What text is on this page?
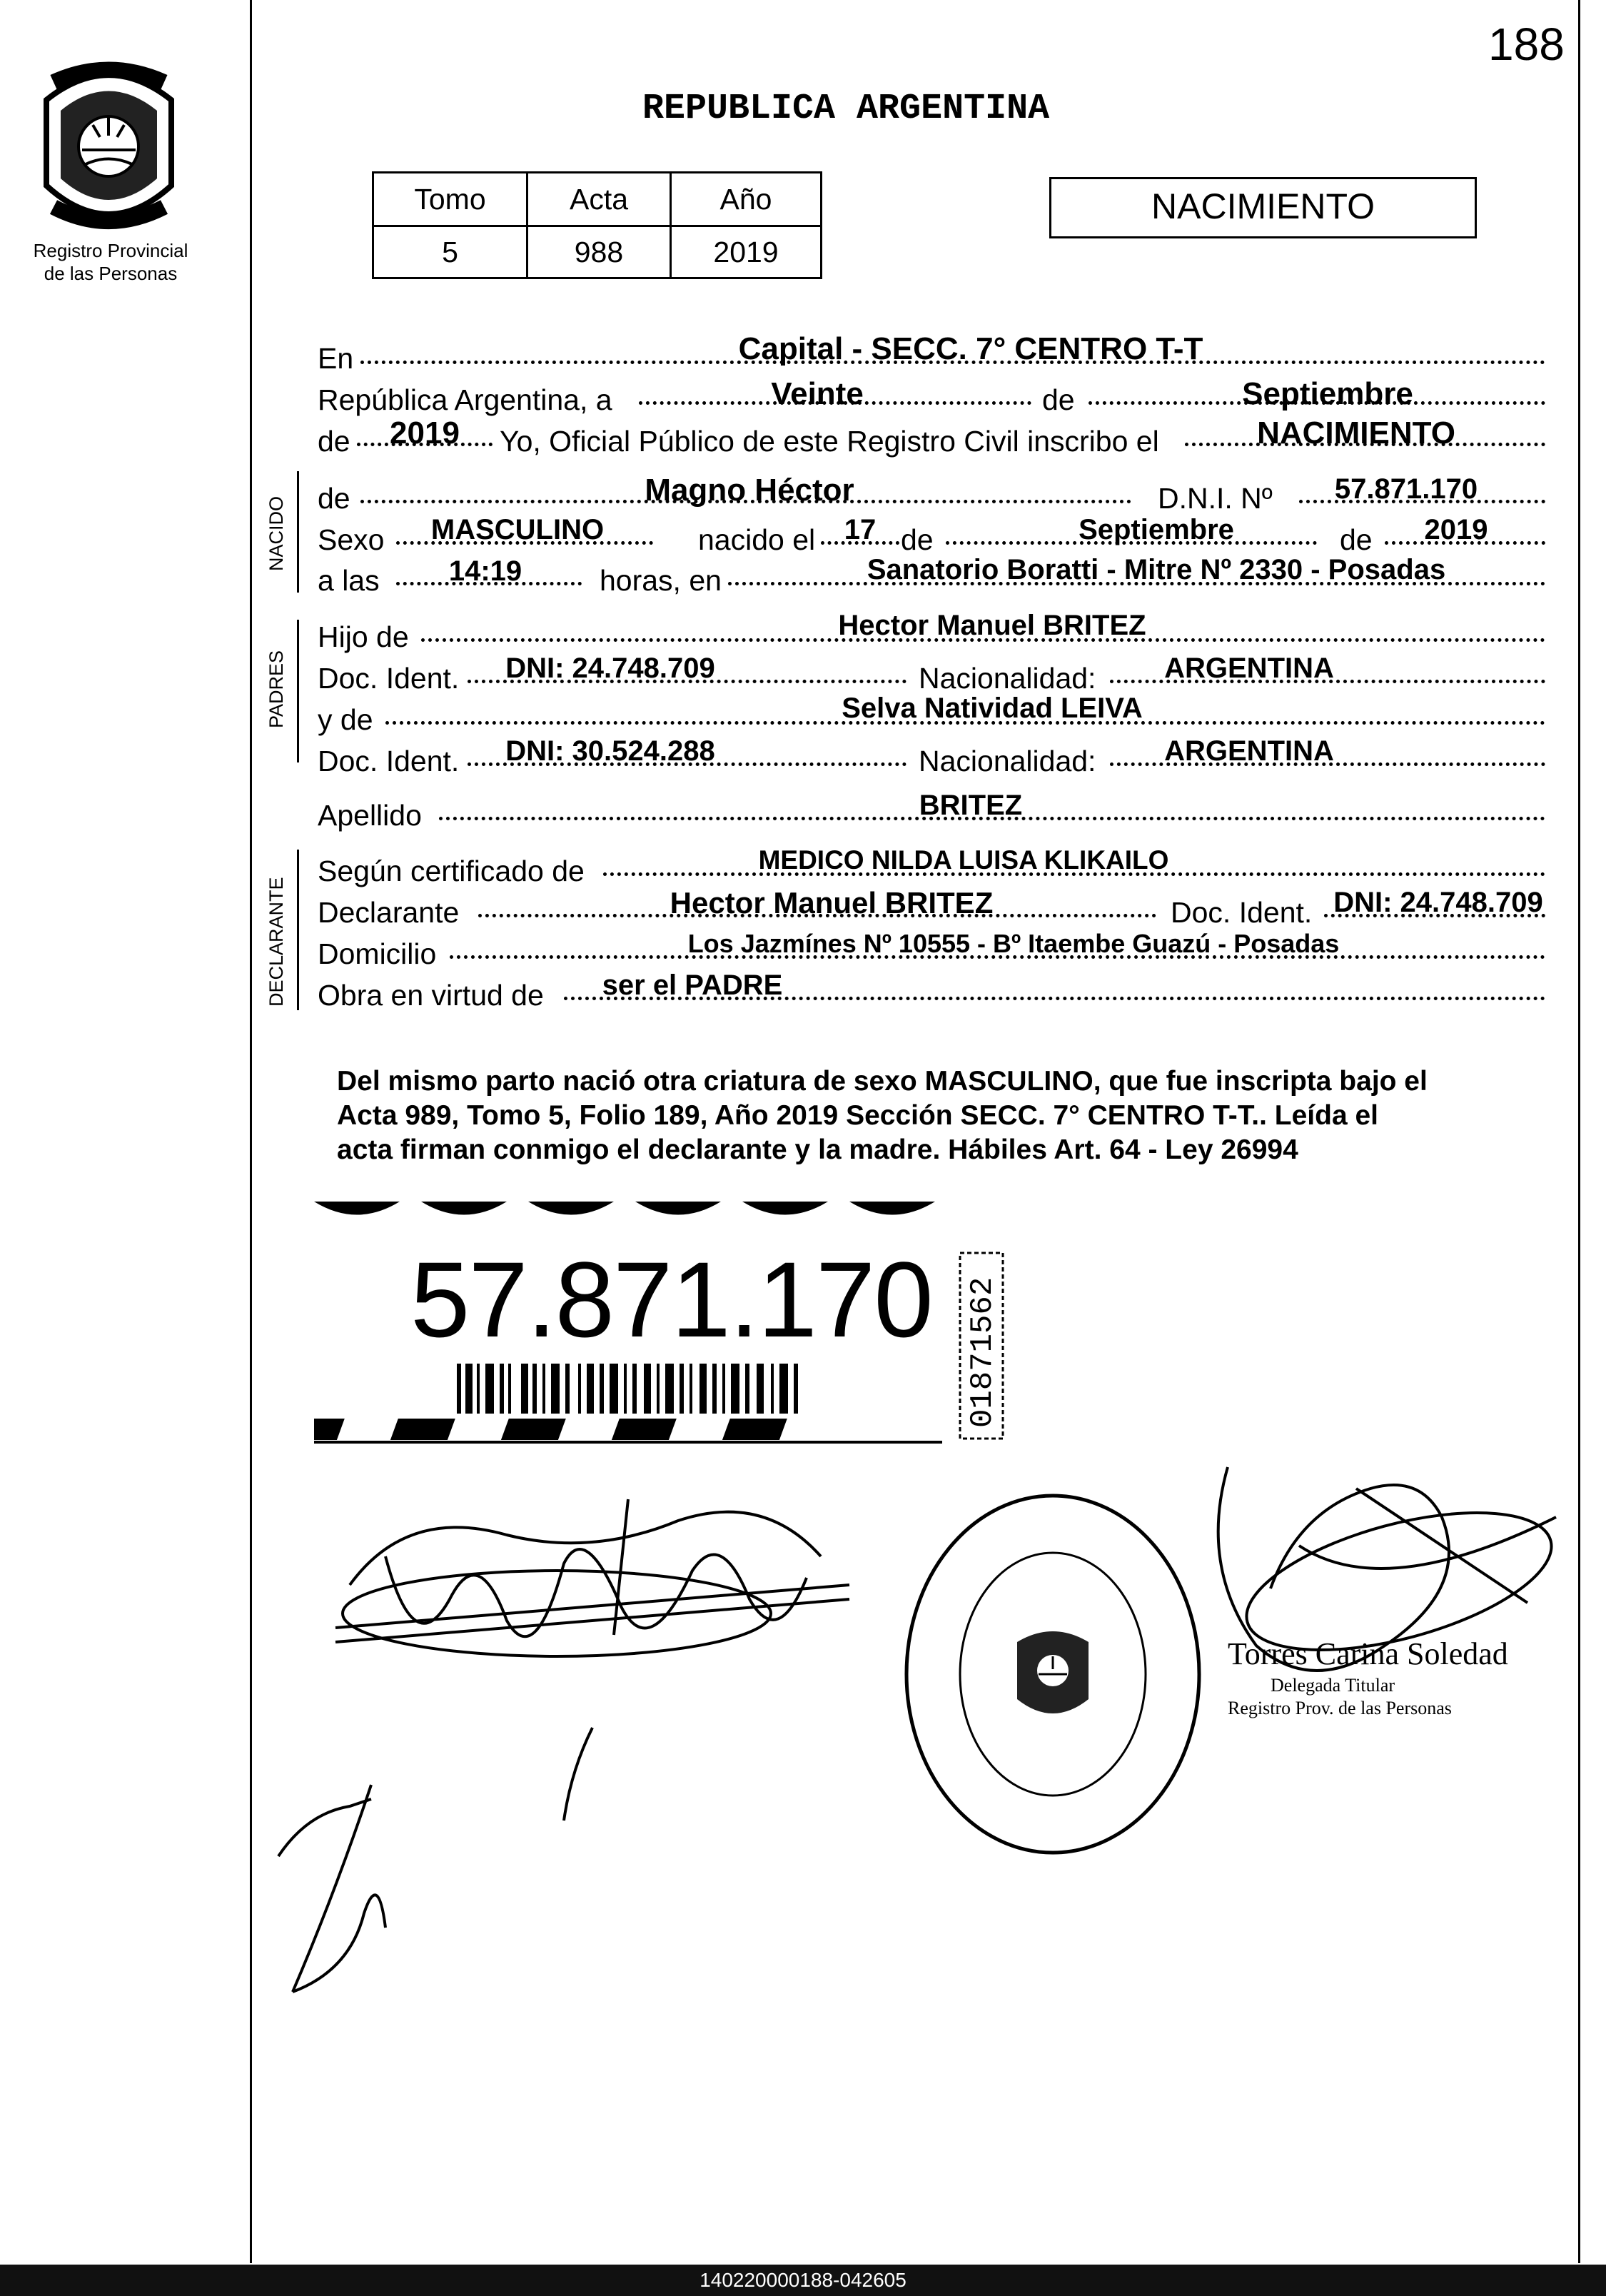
188
Registro Provincial
de las Personas
REPUBLICA ARGENTINA
Tomo	Acta	Año
5	988	2019
NACIMIENTO
En	Capital - SECC. 7° CENTRO T-T
República Argentina, a	Veinte	de	Septiembre
de	2019	Yo, Oficial Público de este Registro Civil inscribo el	NACIMIENTO
NACIDO de	Magno Héctor	D.N.I. Nº	57.871.170
Sexo	MASCULINO	nacido el	17 de	Septiembre	de	2019
a las	14:19	horas, en	Sanatorio Boratti - Mitre Nº 2330 - Posadas
PADRES
Hijo de	Hector Manuel BRITEZ
Doc. Ident.	DNI: 24.748.709	Nacionalidad:	ARGENTINA
y de	Selva Natividad LEIVA
Doc. Ident.	DNI: 30.524.288	Nacionalidad:	ARGENTINA
Apellido	BRITEZ
DECLARANTE
Según certificado de	MEDICO NILDA LUISA KLIKAILO
Declarante	Hector Manuel BRITEZ	Doc. Ident. DNI: 24.748.709
Domicilio	Los Jazmínes Nº 10555 - Bº Itaembe Guazú - Posadas
Obra en virtud de	ser el PADRE
Del mismo parto nació otra criatura de sexo MASCULINO, que fue inscripta bajo el
Acta 989, Tomo 5, Folio 189, Año 2019 Sección SECC. 7° CENTRO T-T.. Leída el
acta firman conmigo el declarante y la madre. Hábiles Art. 64 - Ley 26994
57.871.170 01871562
Torres Carina Soledad
Delegada Titular
Registro Prov. de las Personas
140220000188-042605
